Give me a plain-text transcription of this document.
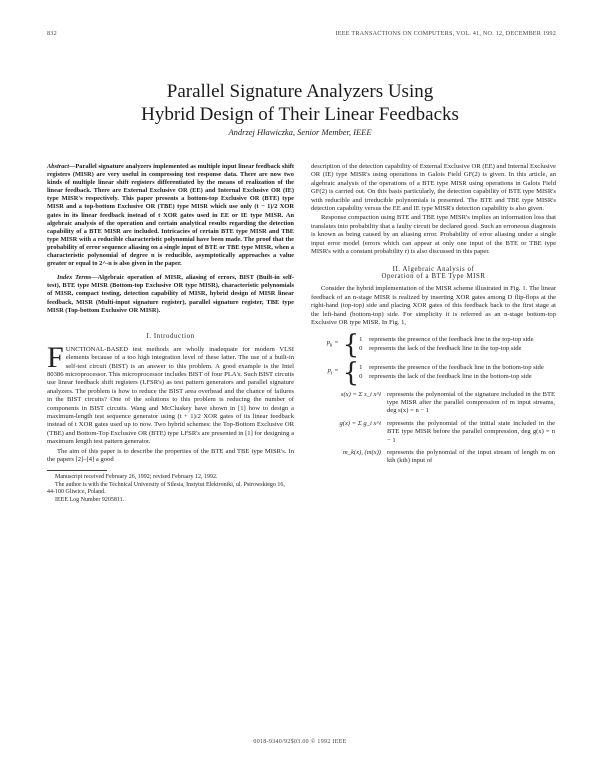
832	IEEE TRANSACTIONS ON COMPUTERS, VOL. 41, NO. 12, DECEMBER 1992
Parallel Signature Analyzers Using
Hybrid Design of Their Linear Feedbacks
Andrzej Hławiczka, Senior Member, IEEE

Abstract—Parallel signature analyzers implemented as multiple input linear feedback shift registers (MISR) are very useful in compressing test response data. There are now two kinds of multiple linear shift registers differentiated by the means of realization of the linear feedback. There are External Exclusive OR (EE) and Internal Exclusive OR (IE) type MISR's respectively. This paper presents a bottom-top Exclusive OR (BTE) type MISR and a top-bottom Exclusive OR (TBE) type MISR which use only (t − 1)/2 XOR gates in its linear feedback instead of t XOR gates used in EE or IE type MISR. An algebraic analysis of the operation and certain analytical results regarding the detection capability of a BTE MISR are included. Intricacies of certain BTE type MISR and TBE type MISR with a reducible characteristic polynomial have been made. The proof that the probability of error sequence aliasing on a single input of BTE or TBE type MISR, when a characteristic polynomial of degree n is reducible, asymptotically approaches a value greater or equal to 2^-n is also given in the paper.

Index Terms—Algebraic operation of MISR, aliasing of errors, BIST (Built-in self-test), BTE type MISR (Bottom-top Exclusive OR type MISR), characteristic polynomials of MISR, compact testing, detection capability of MISR, hybrid design of MISR linear feedback, MISR (Multi-input signature register), parallel signature register, TBE type MISR (Top-bottom Exclusive OR MISR).

I. Introduction

FUNCTIONAL-BASED test methods are wholly inadequate for modern VLSI elements because of a too high integration level of these latter. The use of a built-in self-test circuit (BIST) is an answer to this problem. A good example is the Intel 80386 microprocessor. This microprocessor includes BIST of four PLA's. Such BIST circuits use linear feedback shift registers (LFSR's) as test pattern generators and parallel signature analyzers. The problem is how to reduce the BIST area overhead and the chance of failures in the BIST circuits? One of the solutions to this problem is reducing the number of components in BIST circuits. Wang and McCluskey have shown in [1] how to design a maximum-length test sequence generator using (t + 1)/2 XOR gates of its linear feedback instead of t XOR gates used up to now. Two hybrid schemes: the Top-Bottom Exclusive OR (TBE) and Bottom-Top Exclusive OR (BTE) type LFSR's are presented in [1] for designing a maximum length test pattern generator.

The aim of this paper is to describe the properties of the BTE and TBE type MISR's. In the papers [2]–[4] a good

Manuscript received February 26, 1992; revised February 12, 1992.

The author is with the Technical University of Silesia, Instytut Elektroniki, ul. Pstrowskiego 16, 44-100 Gliwice, Poland.

IEEE Log Number 9205811.

description of the detection capability of External Exclusive OR (EE) and Internal Exclusive OR (IE) type MISR's using operations in Galois Field GF(2) is given. In this article, an algebraic analysis of the operations of a BTE type MISR using operations in Galois Field GF(2) is carried out. On this basis particularly, the detection capability of BTE type MISR's with reducible and irreducible polynomials is presented. The BTE and TBE type MISR's detection capability versus the EE and IE type MISR's detection capability is also given.

Response compaction using BTE and TBE type MISR's implies an information loss that translates into probability that a faulty circuit be declared good. Such an erroneous diagnosis is known as being caused by an aliasing error. Probability of error aliasing under a single input error model (errors which can appear at only one input of the BTE or TBE type MISR's with a constant probability r) is also discussed in this paper.

II. Algebraic Analysis of
Operation of a BTE Type MISR

Consider the hybrid implementation of the MISR scheme illustrated in Fig. 1. The linear feedback of an n-stage MISR is realized by inserting XOR gates among D flip-flops at the right-hand (top-top) side and placing XOR gates of this feedback back to the first stage at the left-hand (bottom-top) side. For simplicity it is referred as an n-stage bottom-top Exclusive OR type MISR. In Fig. 1,

$p_k$ = { 1	represents the presence of the feedback line in the top-top side
0	represents the lack of the feedback line in the top-top side
$p_i$ = { 1	represents the presence of the feedback line in the bottom-top side
0	represents the lack of the feedback line in the bottom-top side
s(x) = Σ s_i x^i represents the polynomial of the signature included in the BTE type MISR after the parallel compression of m input streams, deg s(x) = n − 1
g(x) = Σ g_i x^i represents the polynomial of the initial state included in the BTE type MISR before the parallel compression, deg g(x) = n − 1
m_k(x), (m(x)) represents the polynomial of the input stream of length m on kth (kth) input of
0018-9340/92$03.00 © 1992 IEEE
